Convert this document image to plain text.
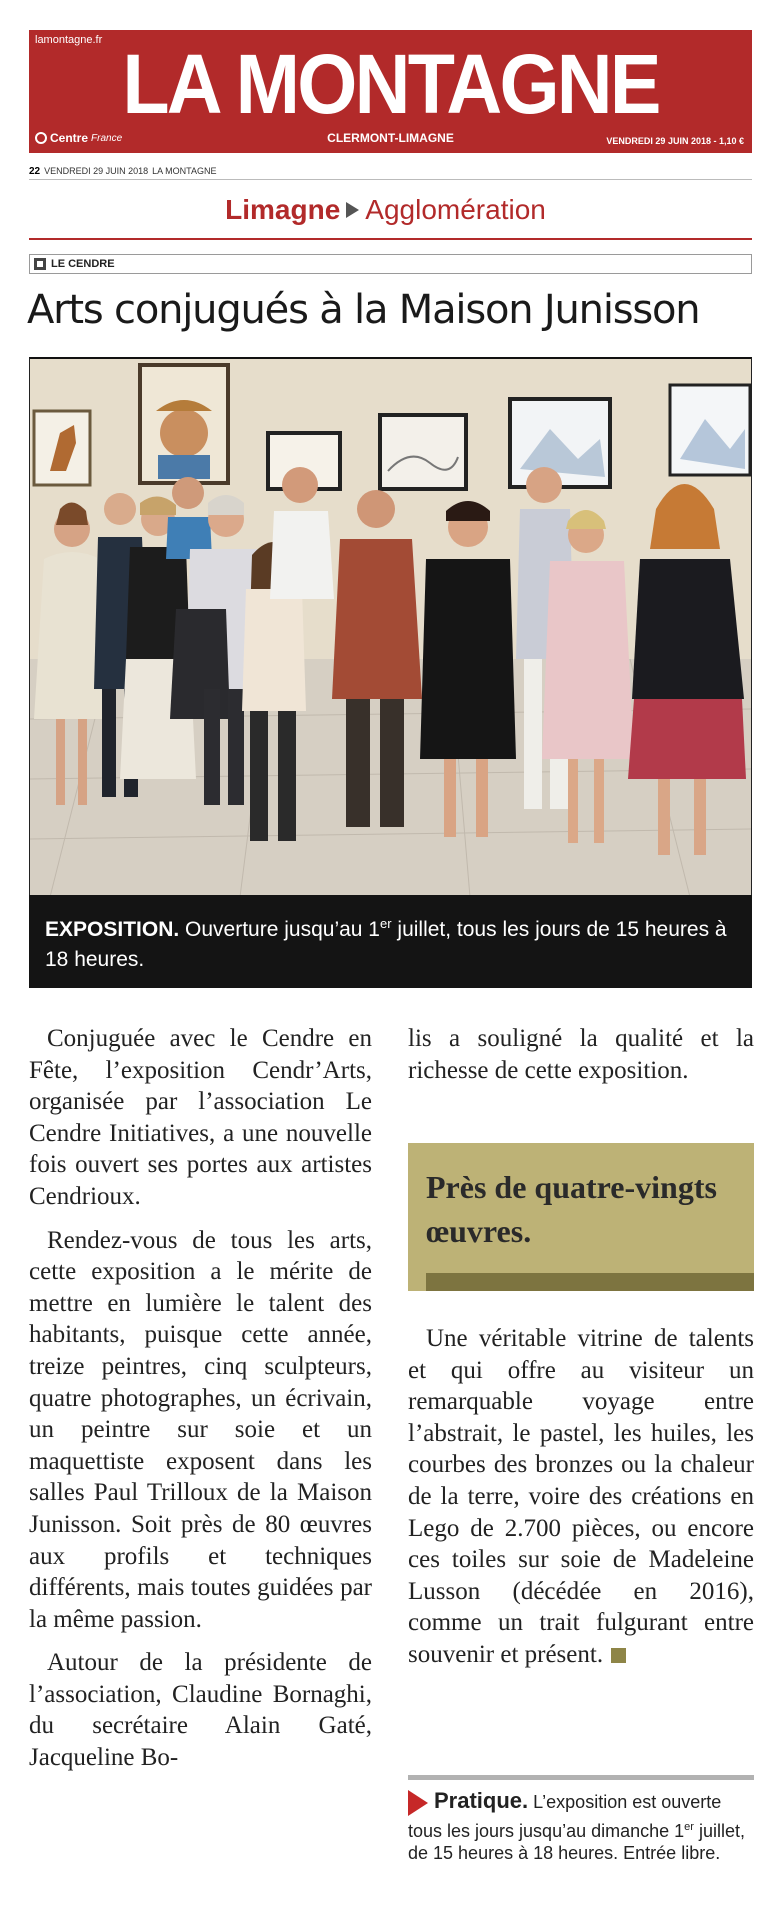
lamontagne.fr LA MONTAGNE
Centre France	CLERMONT-LIMAGNE	VENDREDI 29 JUIN 2018 - 1,10 €
22 VENDREDI 29 JUIN 2018 LA MONTAGNE
Limagne Agglomération
LE CENDRE
Arts conjugués à la Maison Junisson
EXPOSITION. Ouverture jusqu’au 1er juillet, tous les jours de 15 heures à 18 heures.

Conjuguée avec le Cendre en Fête, l’exposition Cendr’Arts, organisée par l’association Le Cendre Initiatives, a une nouvelle fois ouvert ses portes aux artistes Cendrioux.

Rendez-vous de tous les arts, cette exposition a le mérite de mettre en lumière le talent des habitants, puisque cette année, treize peintres, cinq sculpteurs, quatre photographes, un écrivain, un peintre sur soie et un maquettiste exposent dans les salles Paul Trilloux de la Maison Junisson. Soit près de 80 œuvres aux profils et techniques différents, mais toutes guidées par la même passion.

Autour de la présidente de l’association, Claudine Bornaghi, du secrétaire Alain Gaté, Jacqueline Bo-

lis a souligné la qualité et la richesse de cette exposition.

Près de quatre-vingts œuvres.

Une véritable vitrine de talents et qui offre au visiteur un remarquable voyage entre l’abstrait, le pastel, les huiles, les courbes des bronzes ou la chaleur de la terre, voire des créations en Lego de 2.700 pièces, ou encore ces toiles sur soie de Madeleine Lusson (décédée en 2016), comme un trait fulgurant entre souvenir et présent.

Pratique. L’exposition est ouverte tous les jours jusqu’au dimanche 1er juillet, de 15 heures à 18 heures. Entrée libre.
